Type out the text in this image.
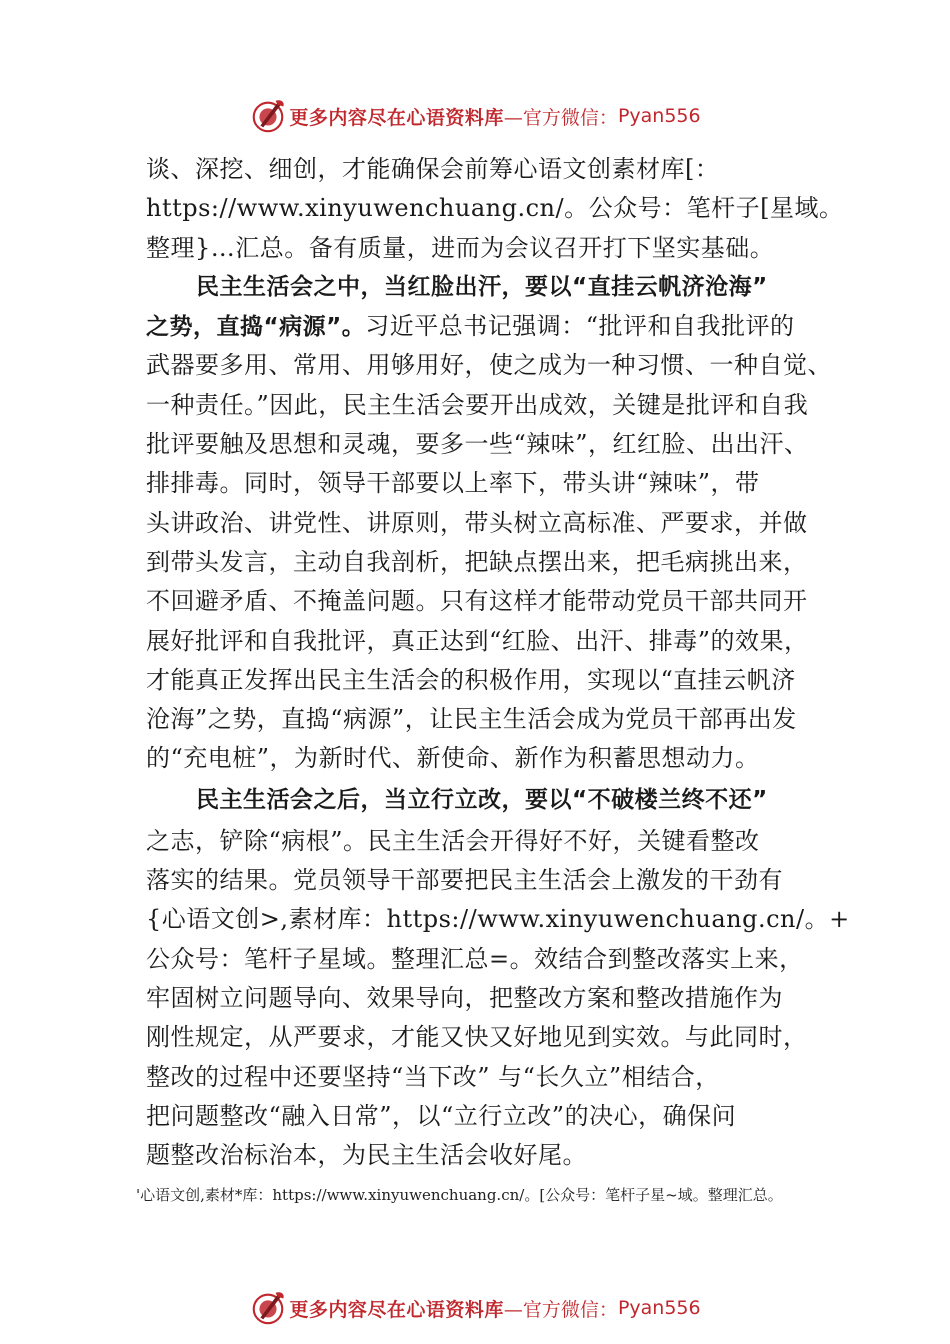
更多内容尽在心语资料库 —官方微信： Pyan556
谈、深挖、细创，才能确保会前筹心语文创素材库[：
https://www.xinyuwenchuang.cn/。公众号：笔杆子[星域。
整理}…汇总。备有质量，进而为会议召开打下坚实基础。
民主生活会之中，当红脸出汗，要以“直挂云帆济沧海”
之势，直捣“病源”。习近平总书记强调：“批评和自我批评的
武器要多用、常用、用够用好，使之成为一种习惯、一种自觉、
一种责任。”因此，民主生活会要开出成效，关键是批评和自我
批评要触及思想和灵魂，要多一些“辣味”，红红脸、出出汗、
排排毒。同时，领导干部要以上率下，带头讲“辣味”，带
头讲政治、讲党性、讲原则，带头树立高标准、严要求，并做
到带头发言，主动自我剖析，把缺点摆出来，把毛病挑出来，
不回避矛盾、不掩盖问题。只有这样才能带动党员干部共同开
展好批评和自我批评，真正达到“红脸、出汗、排毒”的效果，
才能真正发挥出民主生活会的积极作用，实现以“直挂云帆济
沧海”之势，直捣“病源”，让民主生活会成为党员干部再出发
的“充电桩”，为新时代、新使命、新作为积蓄思想动力。
民主生活会之后，当立行立改，要以“不破楼兰终不还”
之志，铲除“病根”。民主生活会开得好不好，关键看整改
落实的结果。党员领导干部要把民主生活会上激发的干劲有
{心语文创>,素材库：https://www.xinyuwenchuang.cn/。+
公众号：笔杆子星域。整理汇总=。效结合到整改落实上来，
牢固树立问题导向、效果导向，把整改方案和整改措施作为
刚性规定，从严要求，才能又快又好地见到实效。与此同时，
整改的过程中还要坚持“当下改” 与“长久立”相结合，
把问题整改“融入日常”，以“立行立改”的决心，确保问
题整改治标治本，为民主生活会收好尾。
'心语文创,素材*库：https://www.xinyuwenchuang.cn/。[公众号：笔杆子星~域。整理汇总。
更多内容尽在心语资料库 —官方微信： Pyan556
